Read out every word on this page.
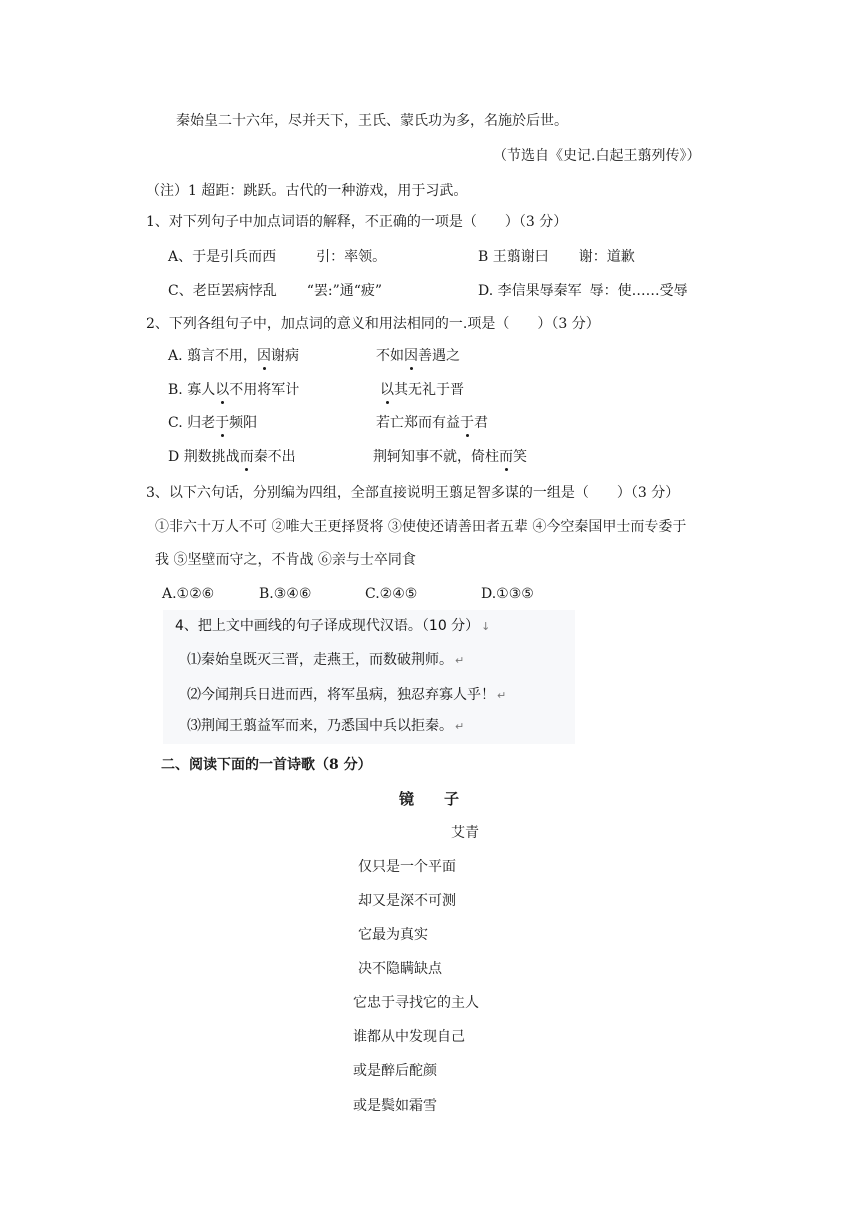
秦始皇二十六年，尽并天下，王氏、蒙氏功为多，名施於后世。
（节选自《史记.白起王翦列传》）
（注）1 超距：跳跃。古代的一种游戏，用于习武。
1、对下列句子中加点词语的解释，不正确的一项是（　　）（3 分）
A、于是引兵而西	引：率领。	B 王翦谢曰 谢：道歉
C、老臣罢病悖乱 “罢:”通“疲”	D. 李信果辱秦军 辱：使……受辱
2、下列各组句子中，加点词的意义和用法相同的一.项是（　　）（3 分）
A. 翦言不用，因谢病	不如因善遇之
B. 寡人以不用将军计	以其无礼于晋
C. 归老于频阳	若亡郑而有益于君
D 荆数挑战而秦不出	荆轲知事不就，倚柱而笑
3、以下六句话，分别编为四组，全部直接说明王翦足智多谋的一组是（　　）（3 分）
①非六十万人不可 ②唯大王更择贤将 ③使使还请善田者五辈 ④今空秦国甲士而专委于
我 ⑤坚壁而守之，不肯战 ⑥亲与士卒同食
A.①②⑥	B.③④⑥	C.②④⑤	D.①③⑤
4、把上文中画线的句子译成现代汉语。（10 分） ↓
⑴秦始皇既灭三晋，走燕王，而数破荆师。 ↵
⑵今闻荆兵日进而西，将军虽病，独忍弃寡人乎！ ↵
⑶荆闻王翦益军而来，乃悉国中兵以拒秦。 ↵
二、阅读下面的一首诗歌（8 分）
镜　　子
艾青
仅只是一个平面
却又是深不可测
它最为真实
决不隐瞒缺点
它忠于寻找它的主人
谁都从中发现自己
或是醉后酡颜
或是鬓如霜雪
